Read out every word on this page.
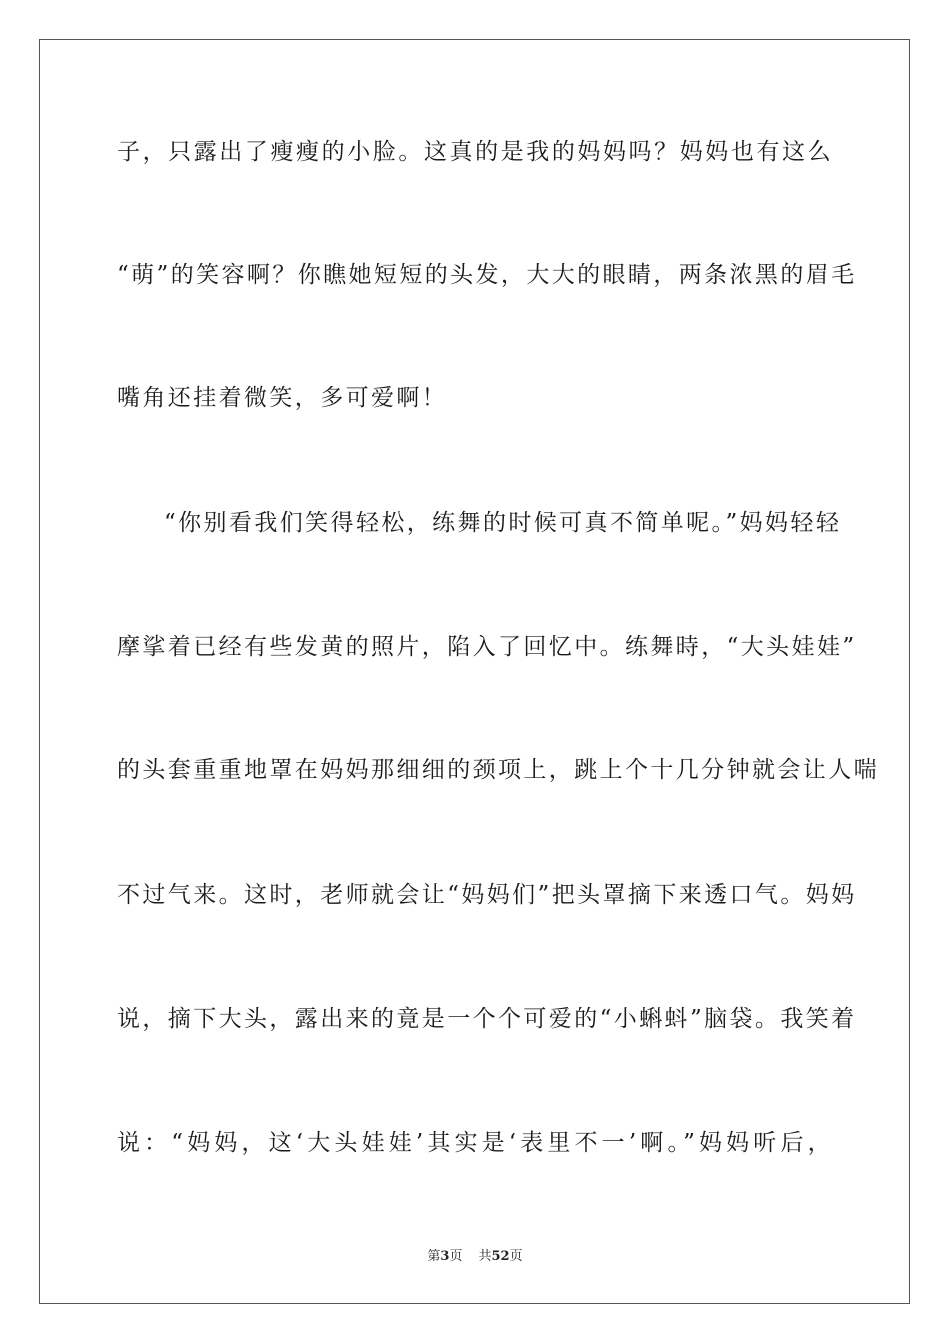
子，只露出了瘦瘦的小脸。这真的是我的妈妈吗？妈妈也有这么
“萌”的笑容啊？你瞧她短短的头发，大大的眼睛，两条浓黑的眉毛
嘴角还挂着微笑，多可爱啊！
“你别看我们笑得轻松，练舞的时候可真不简单呢。”妈妈轻轻
摩挲着已经有些发黄的照片，陷入了回忆中。练舞時，“大头娃娃”
的头套重重地罩在妈妈那细细的颈项上，跳上个十几分钟就会让人喘
不过气来。这时，老师就会让“妈妈们”把头罩摘下来透口气。妈妈
说，摘下大头，露出来的竟是一个个可爱的“小蝌蚪”脑袋。我笑着
说：“妈妈，这‘大头娃娃’其实是‘表里不一’啊。”妈妈听后，
第3页 共52页
